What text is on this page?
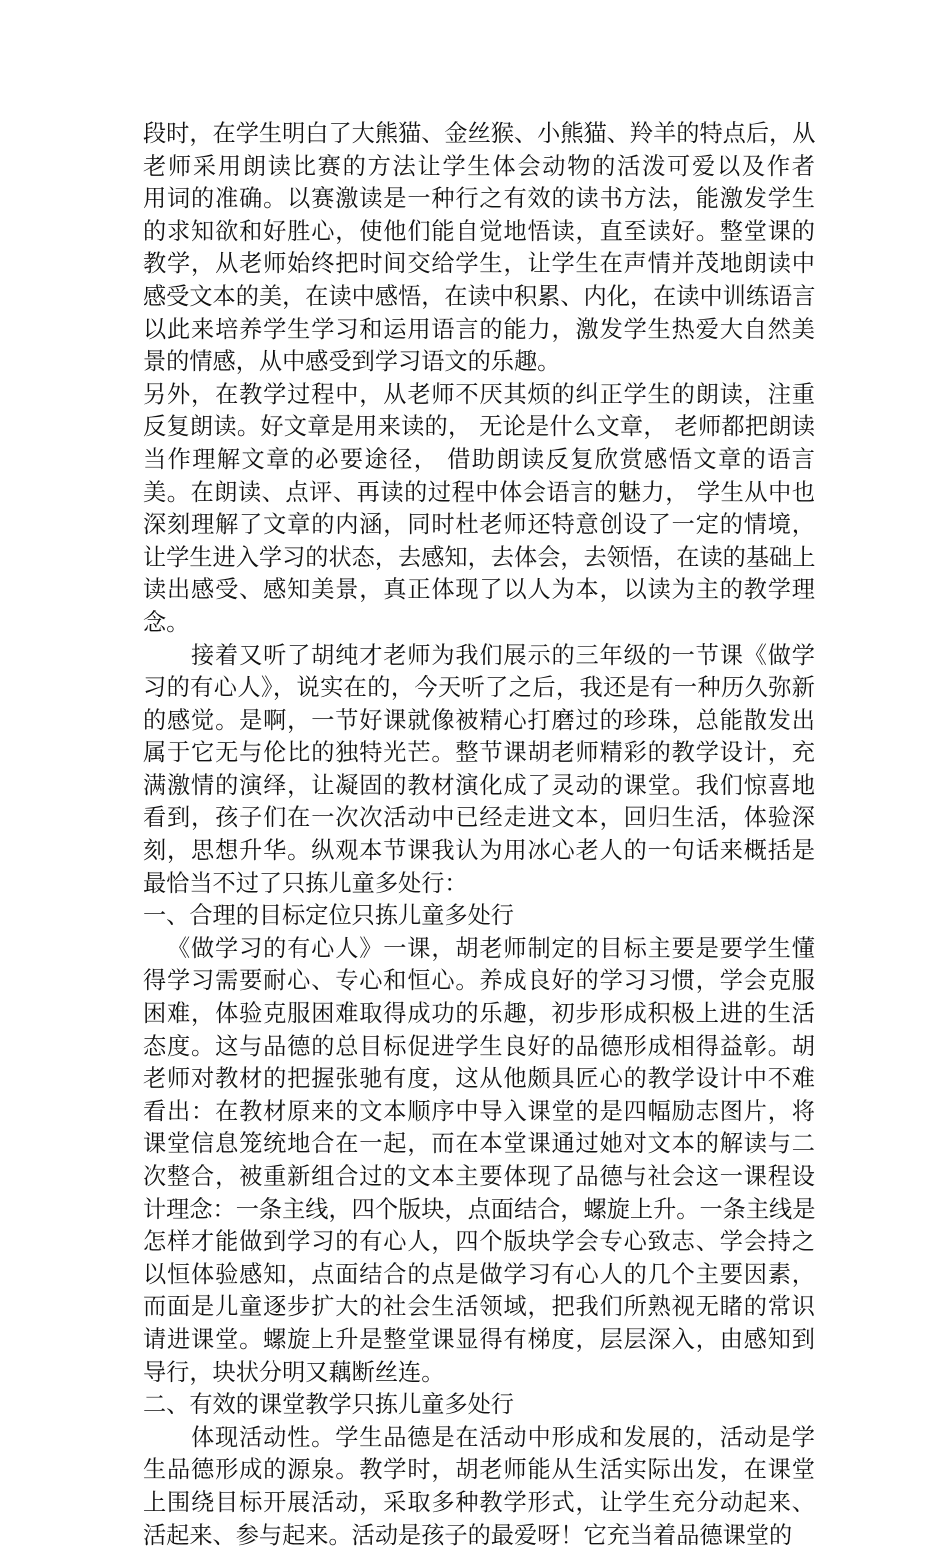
段时，在学生明白了大熊猫、金丝猴、小熊猫、羚羊的特点后，从
老师采用朗读比赛的方法让学生体会动物的活泼可爱以及作者
用词的准确。以赛激读是一种行之有效的读书方法，能激发学生
的求知欲和好胜心，使他们能自觉地悟读，直至读好。整堂课的
教学，从老师始终把时间交给学生，让学生在声情并茂地朗读中
感受文本的美，在读中感悟，在读中积累、内化，在读中训练语言
以此来培养学生学习和运用语言的能力，激发学生热爱大自然美
景的情感，从中感受到学习语文的乐趣。
另外，在教学过程中，从老师不厌其烦的纠正学生的朗读，注重
反复朗读。好文章是用来读的， 无论是什么文章， 老师都把朗读
当作理解文章的必要途径， 借助朗读反复欣赏感悟文章的语言
美。在朗读、点评、再读的过程中体会语言的魅力， 学生从中也
深刻理解了文章的内涵，同时杜老师还特意创设了一定的情境，
让学生进入学习的状态，去感知，去体会，去领悟，在读的基础上
读出感受、感知美景，真正体现了以人为本，以读为主的教学理
念。
接着又听了胡纯才老师为我们展示的三年级的一节课《做学
习的有心人》，说实在的，今天听了之后，我还是有一种历久弥新
的感觉。是啊，一节好课就像被精心打磨过的珍珠，总能散发出
属于它无与伦比的独特光芒。整节课胡老师精彩的教学设计，充
满激情的演绎，让凝固的教材演化成了灵动的课堂。我们惊喜地
看到，孩子们在一次次活动中已经走进文本，回归生活，体验深
刻，思想升华。纵观本节课我认为用冰心老人的一句话来概括是
最恰当不过了只拣儿童多处行：
一、合理的目标定位只拣儿童多处行
《做学习的有心人》一课，胡老师制定的目标主要是要学生懂
得学习需要耐心、专心和恒心。养成良好的学习习惯，学会克服
困难，体验克服困难取得成功的乐趣，初步形成积极上进的生活
态度。这与品德的总目标促进学生良好的品德形成相得益彰。胡
老师对教材的把握张驰有度，这从他颇具匠心的教学设计中不难
看出：在教材原来的文本顺序中导入课堂的是四幅励志图片，将
课堂信息笼统地合在一起，而在本堂课通过她对文本的解读与二
次整合，被重新组合过的文本主要体现了品德与社会这一课程设
计理念：一条主线，四个版块，点面结合，螺旋上升。一条主线是
怎样才能做到学习的有心人，四个版块学会专心致志、学会持之
以恒体验感知，点面结合的点是做学习有心人的几个主要因素，
而面是儿童逐步扩大的社会生活领域，把我们所熟视无睹的常识
请进课堂。螺旋上升是整堂课显得有梯度，层层深入，由感知到
导行，块状分明又藕断丝连。
二、有效的课堂教学只拣儿童多处行
体现活动性。学生品德是在活动中形成和发展的，活动是学
生品德形成的源泉。教学时，胡老师能从生活实际出发，在课堂
上围绕目标开展活动，采取多种教学形式，让学生充分动起来、
活起来、参与起来。活动是孩子的最爱呀！它充当着品德课堂的
